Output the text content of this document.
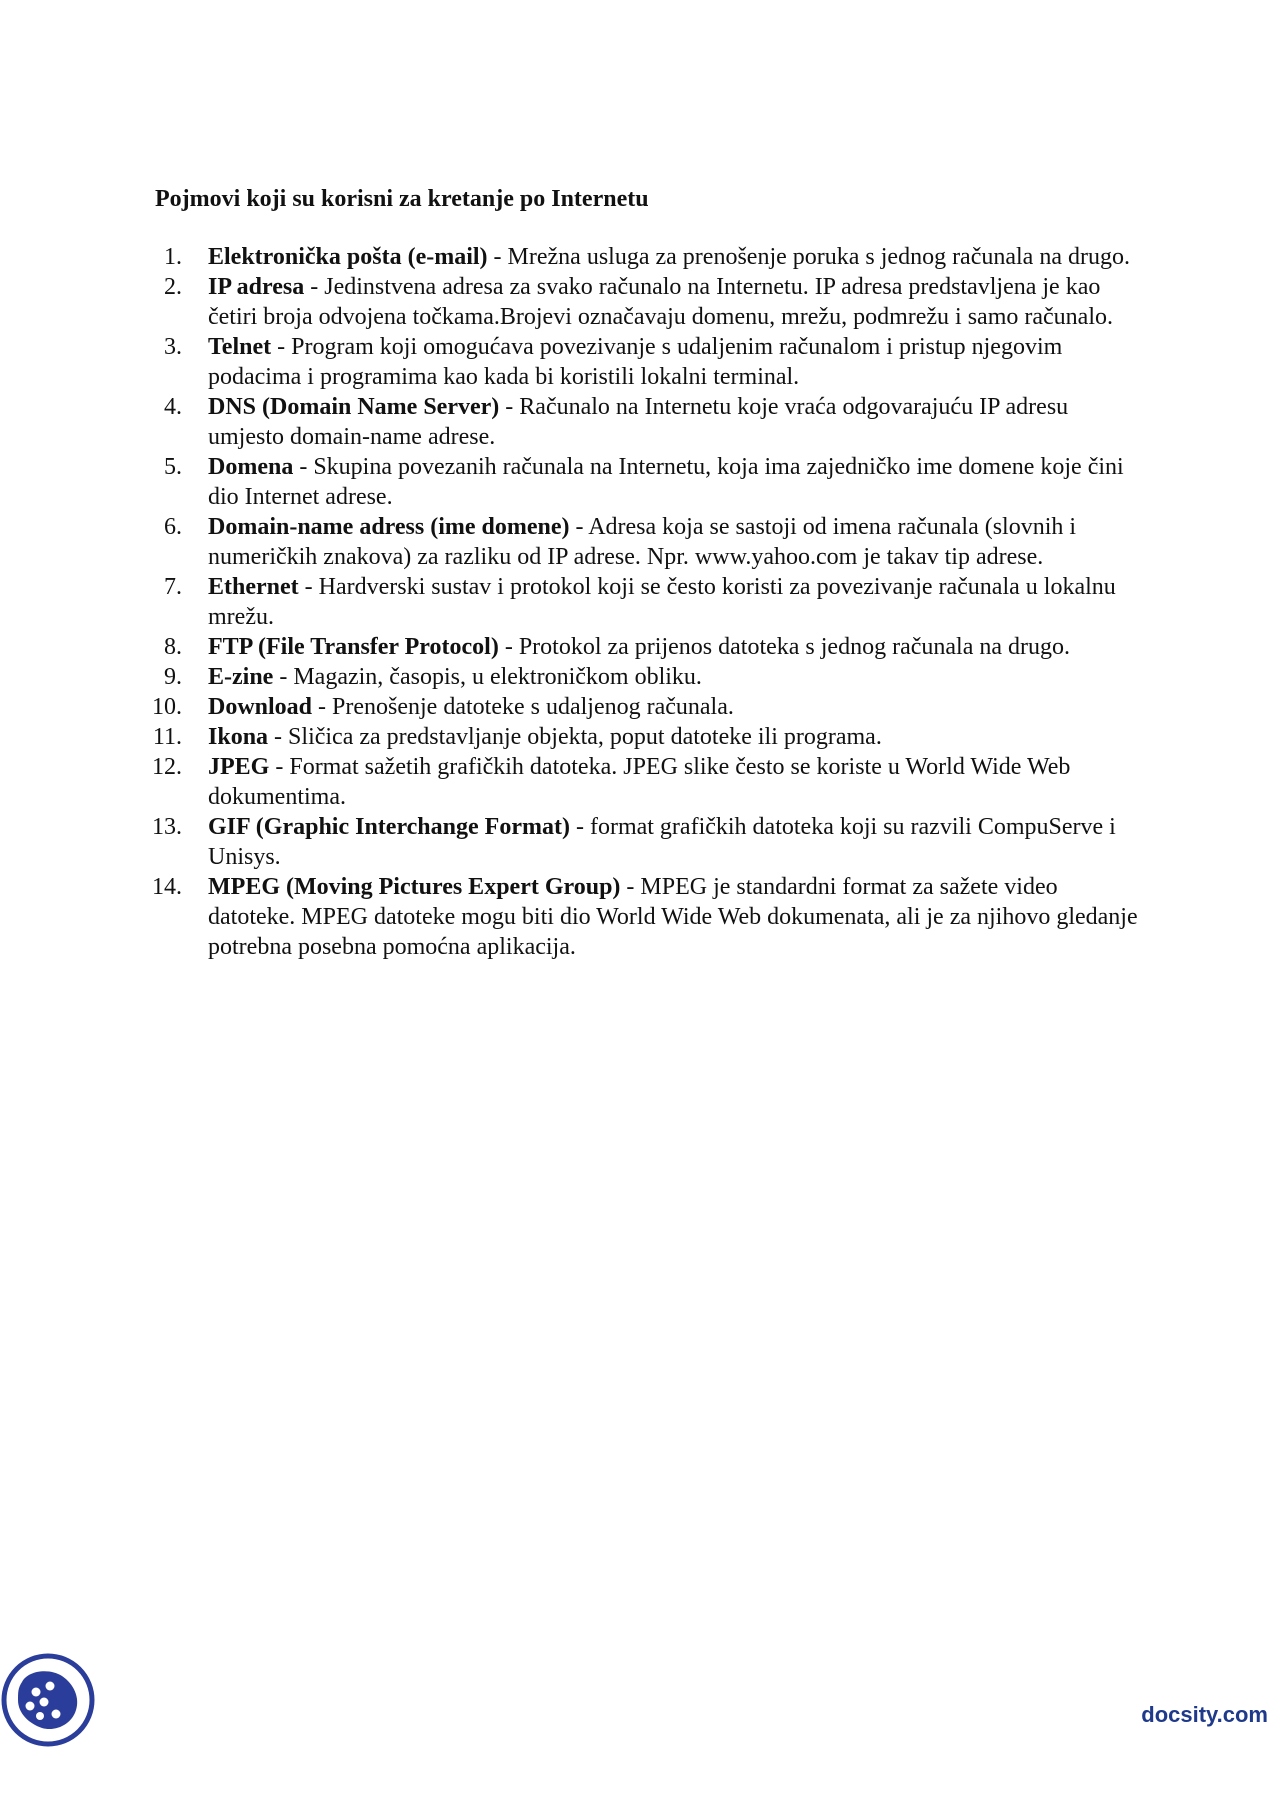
Pojmovi koji su korisni za kretanje po Internetu
1. Elektronička pošta (e-mail) - Mrežna usluga za prenošenje poruka s jednog računala na drugo.
2. IP adresa - Jedinstvena adresa za svako računalo na Internetu. IP adresa predstavljena je kao četiri broja odvojena točkama.Brojevi označavaju domenu, mrežu, podmrežu i samo računalo.
3. Telnet - Program koji omogućava povezivanje s udaljenim računalom i pristup njegovim podacima i programima kao kada bi koristili lokalni terminal.
4. DNS (Domain Name Server) - Računalo na Internetu koje vraća odgovarajuću IP adresu umjesto domain-name adrese.
5. Domena - Skupina povezanih računala na Internetu, koja ima zajedničko ime domene koje čini dio Internet adrese.
6. Domain-name adress (ime domene) - Adresa koja se sastoji od imena računala (slovnih i numeričkih znakova) za razliku od IP adrese. Npr. www.yahoo.com je takav tip adrese.
7. Ethernet - Hardverski sustav i protokol koji se često koristi za povezivanje računala u lokalnu mrežu.
8. FTP (File Transfer Protocol) - Protokol za prijenos datoteka s jednog računala na drugo.
9. E-zine - Magazin, časopis, u elektroničkom obliku.
10. Download - Prenošenje datoteke s udaljenog računala.
11. Ikona - Sličica za predstavljanje objekta, poput datoteke ili programa.
12. JPEG - Format sažetih grafičkih datoteka. JPEG slike često se koriste u World Wide Web dokumentima.
13. GIF (Graphic Interchange Format) - format grafičkih datoteka koji su razvili CompuServe i Unisys.
14. MPEG (Moving Pictures Expert Group) - MPEG je standardni format za sažete video datoteke. MPEG datoteke mogu biti dio World Wide Web dokumenata, ali je za njihovo gledanje potrebna posebna pomoćna aplikacija.
docsity.com
